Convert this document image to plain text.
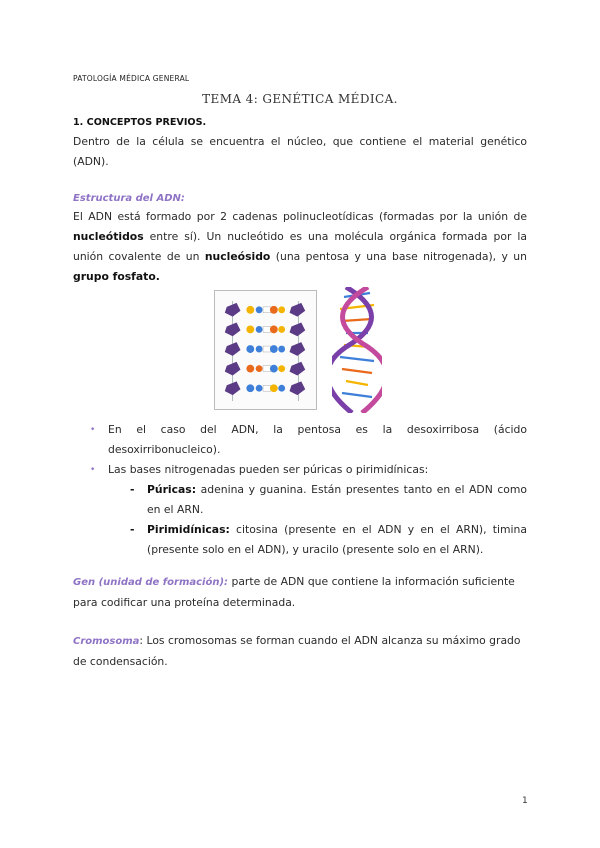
PATOLOGÍA MÉDICA GENERAL
TEMA 4: GENÉTICA MÉDICA.
1. CONCEPTOS PREVIOS.
Dentro de la célula se encuentra el núcleo, que contiene el material genético (ADN).
Estructura del ADN:
El ADN está formado por 2 cadenas polinucleotídicas (formadas por la unión de nucleótidos entre sí). Un nucleótido es una molécula orgánica formada por la unión covalente de un nucleósido (una pentosa y una base nitrogenada), y un grupo fosfato.
• En el caso del ADN, la pentosa es la desoxirribosa (ácido desoxirribonucleico).
• Las bases nitrogenadas pueden ser púricas o pirimidínicas:
- Púricas: adenina y guanina. Están presentes tanto en el ADN como en el ARN.
- Pirimidínicas: citosina (presente en el ADN y en el ARN), timina (presente solo en el ADN), y uracilo (presente solo en el ARN).
Gen (unidad de formación): parte de ADN que contiene la información suficiente para codificar una proteína determinada.
Cromosoma: Los cromosomas se forman cuando el ADN alcanza su máximo grado de condensación.
1
